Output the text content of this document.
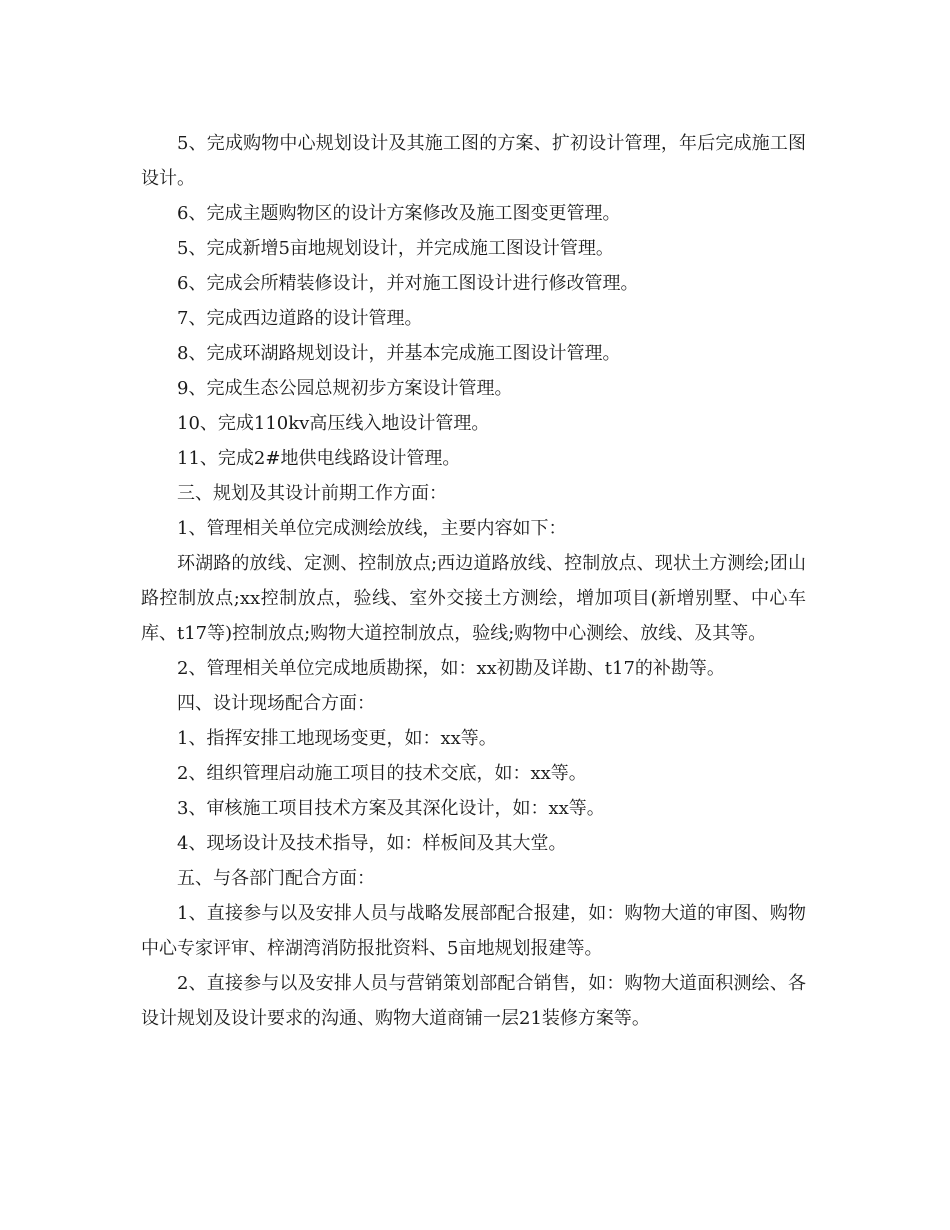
5、完成购物中心规划设计及其施工图的方案、扩初设计管理，年后完成施工图设计。

6、完成主题购物区的设计方案修改及施工图变更管理。

5、完成新增5亩地规划设计，并完成施工图设计管理。

6、完成会所精装修设计，并对施工图设计进行修改管理。

7、完成西边道路的设计管理。

8、完成环湖路规划设计，并基本完成施工图设计管理。

9、完成生态公园总规初步方案设计管理。

10、完成110kv高压线入地设计管理。

11、完成2#地供电线路设计管理。

三、规划及其设计前期工作方面：

1、管理相关单位完成测绘放线，主要内容如下：

环湖路的放线、定测、控制放点;西边道路放线、控制放点、现状土方测绘;团山路控制放点;xx控制放点，验线、室外交接土方测绘，增加项目(新增别墅、中心车库、t17等)控制放点;购物大道控制放点，验线;购物中心测绘、放线、及其等。

2、管理相关单位完成地质勘探，如：xx初勘及详勘、t17的补勘等。

四、设计现场配合方面：

1、指挥安排工地现场变更，如：xx等。

2、组织管理启动施工项目的技术交底，如：xx等。

3、审核施工项目技术方案及其深化设计，如：xx等。

4、现场设计及技术指导，如：样板间及其大堂。

五、与各部门配合方面：

1、直接参与以及安排人员与战略发展部配合报建，如：购物大道的审图、购物中心专家评审、梓湖湾消防报批资料、5亩地规划报建等。

2、直接参与以及安排人员与营销策划部配合销售，如：购物大道面积测绘、各设计规划及设计要求的沟通、购物大道商铺一层21装修方案等。
